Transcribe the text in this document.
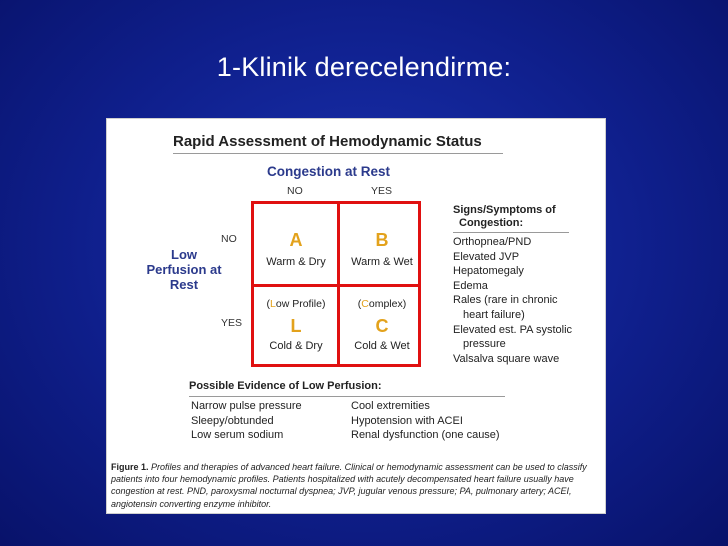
1-Klinik derecelendirme:
Rapid Assessment of Hemodynamic Status
Congestion at Rest
NO	YES
Low Perfusion at Rest
NO
YES
A
Warm & Dry
B
Warm & Wet
(Low Profile)
L
Cold & Dry
(Complex)
C
Cold & Wet
Signs/Symptoms of
Congestion:
Orthopnea/PND
Elevated JVP
Hepatomegaly
Edema
Rales (rare in chronic
heart failure)
Elevated est. PA systolic
pressure
Valsalva square wave
Possible Evidence of Low Perfusion:
Narrow pulse pressure
Sleepy/obtunded
Low serum sodium
Cool extremities
Hypotension with ACEI
Renal dysfunction (one cause)
Figure 1. Profiles and therapies of advanced heart failure. Clinical or hemodynamic assessment can be used to classify patients into four hemodynamic profiles. Patients hospitalized with acutely decompensated heart failure usually have congestion at rest. PND, paroxysmal nocturnal dyspnea; JVP, jugular venous pressure; PA, pulmonary artery; ACEI, angiotensin converting enzyme inhibitor.
